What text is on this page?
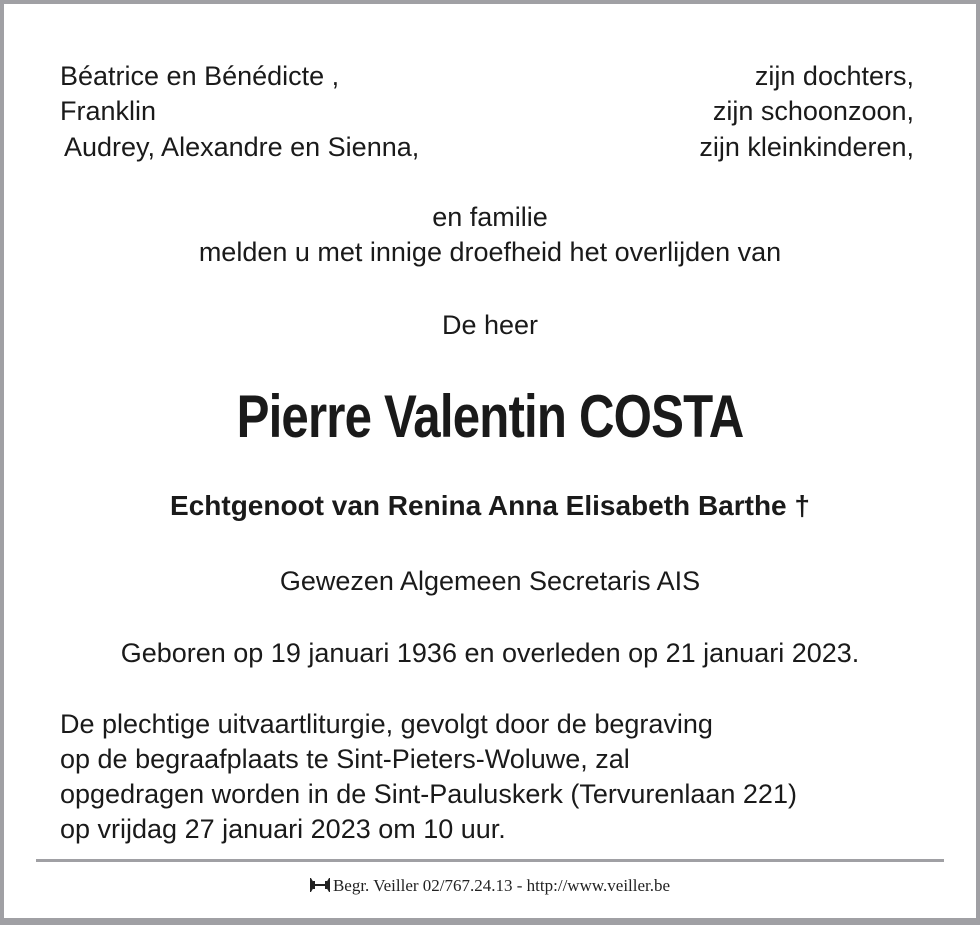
Béatrice en Bénédicte ,	zijn dochters,
Franklin	zijn schoonzoon,
Audrey, Alexandre en Sienna,	zijn kleinkinderen,
en familie
melden u met innige droefheid het overlijden van
De heer
Pierre Valentin COSTA
Echtgenoot van Renina Anna Elisabeth Barthe †
Gewezen Algemeen Secretaris AIS
Geboren op 19 januari 1936 en overleden op 21 januari 2023.
De plechtige uitvaartliturgie, gevolgt door de begraving
op de begraafplaats te Sint-Pieters-Woluwe, zal
opgedragen worden in de Sint-Pauluskerk (Tervurenlaan 221)
op vrijdag 27 januari 2023 om 10 uur.
Begr. Veiller 02/767.24.13 - http://www.veiller.be
